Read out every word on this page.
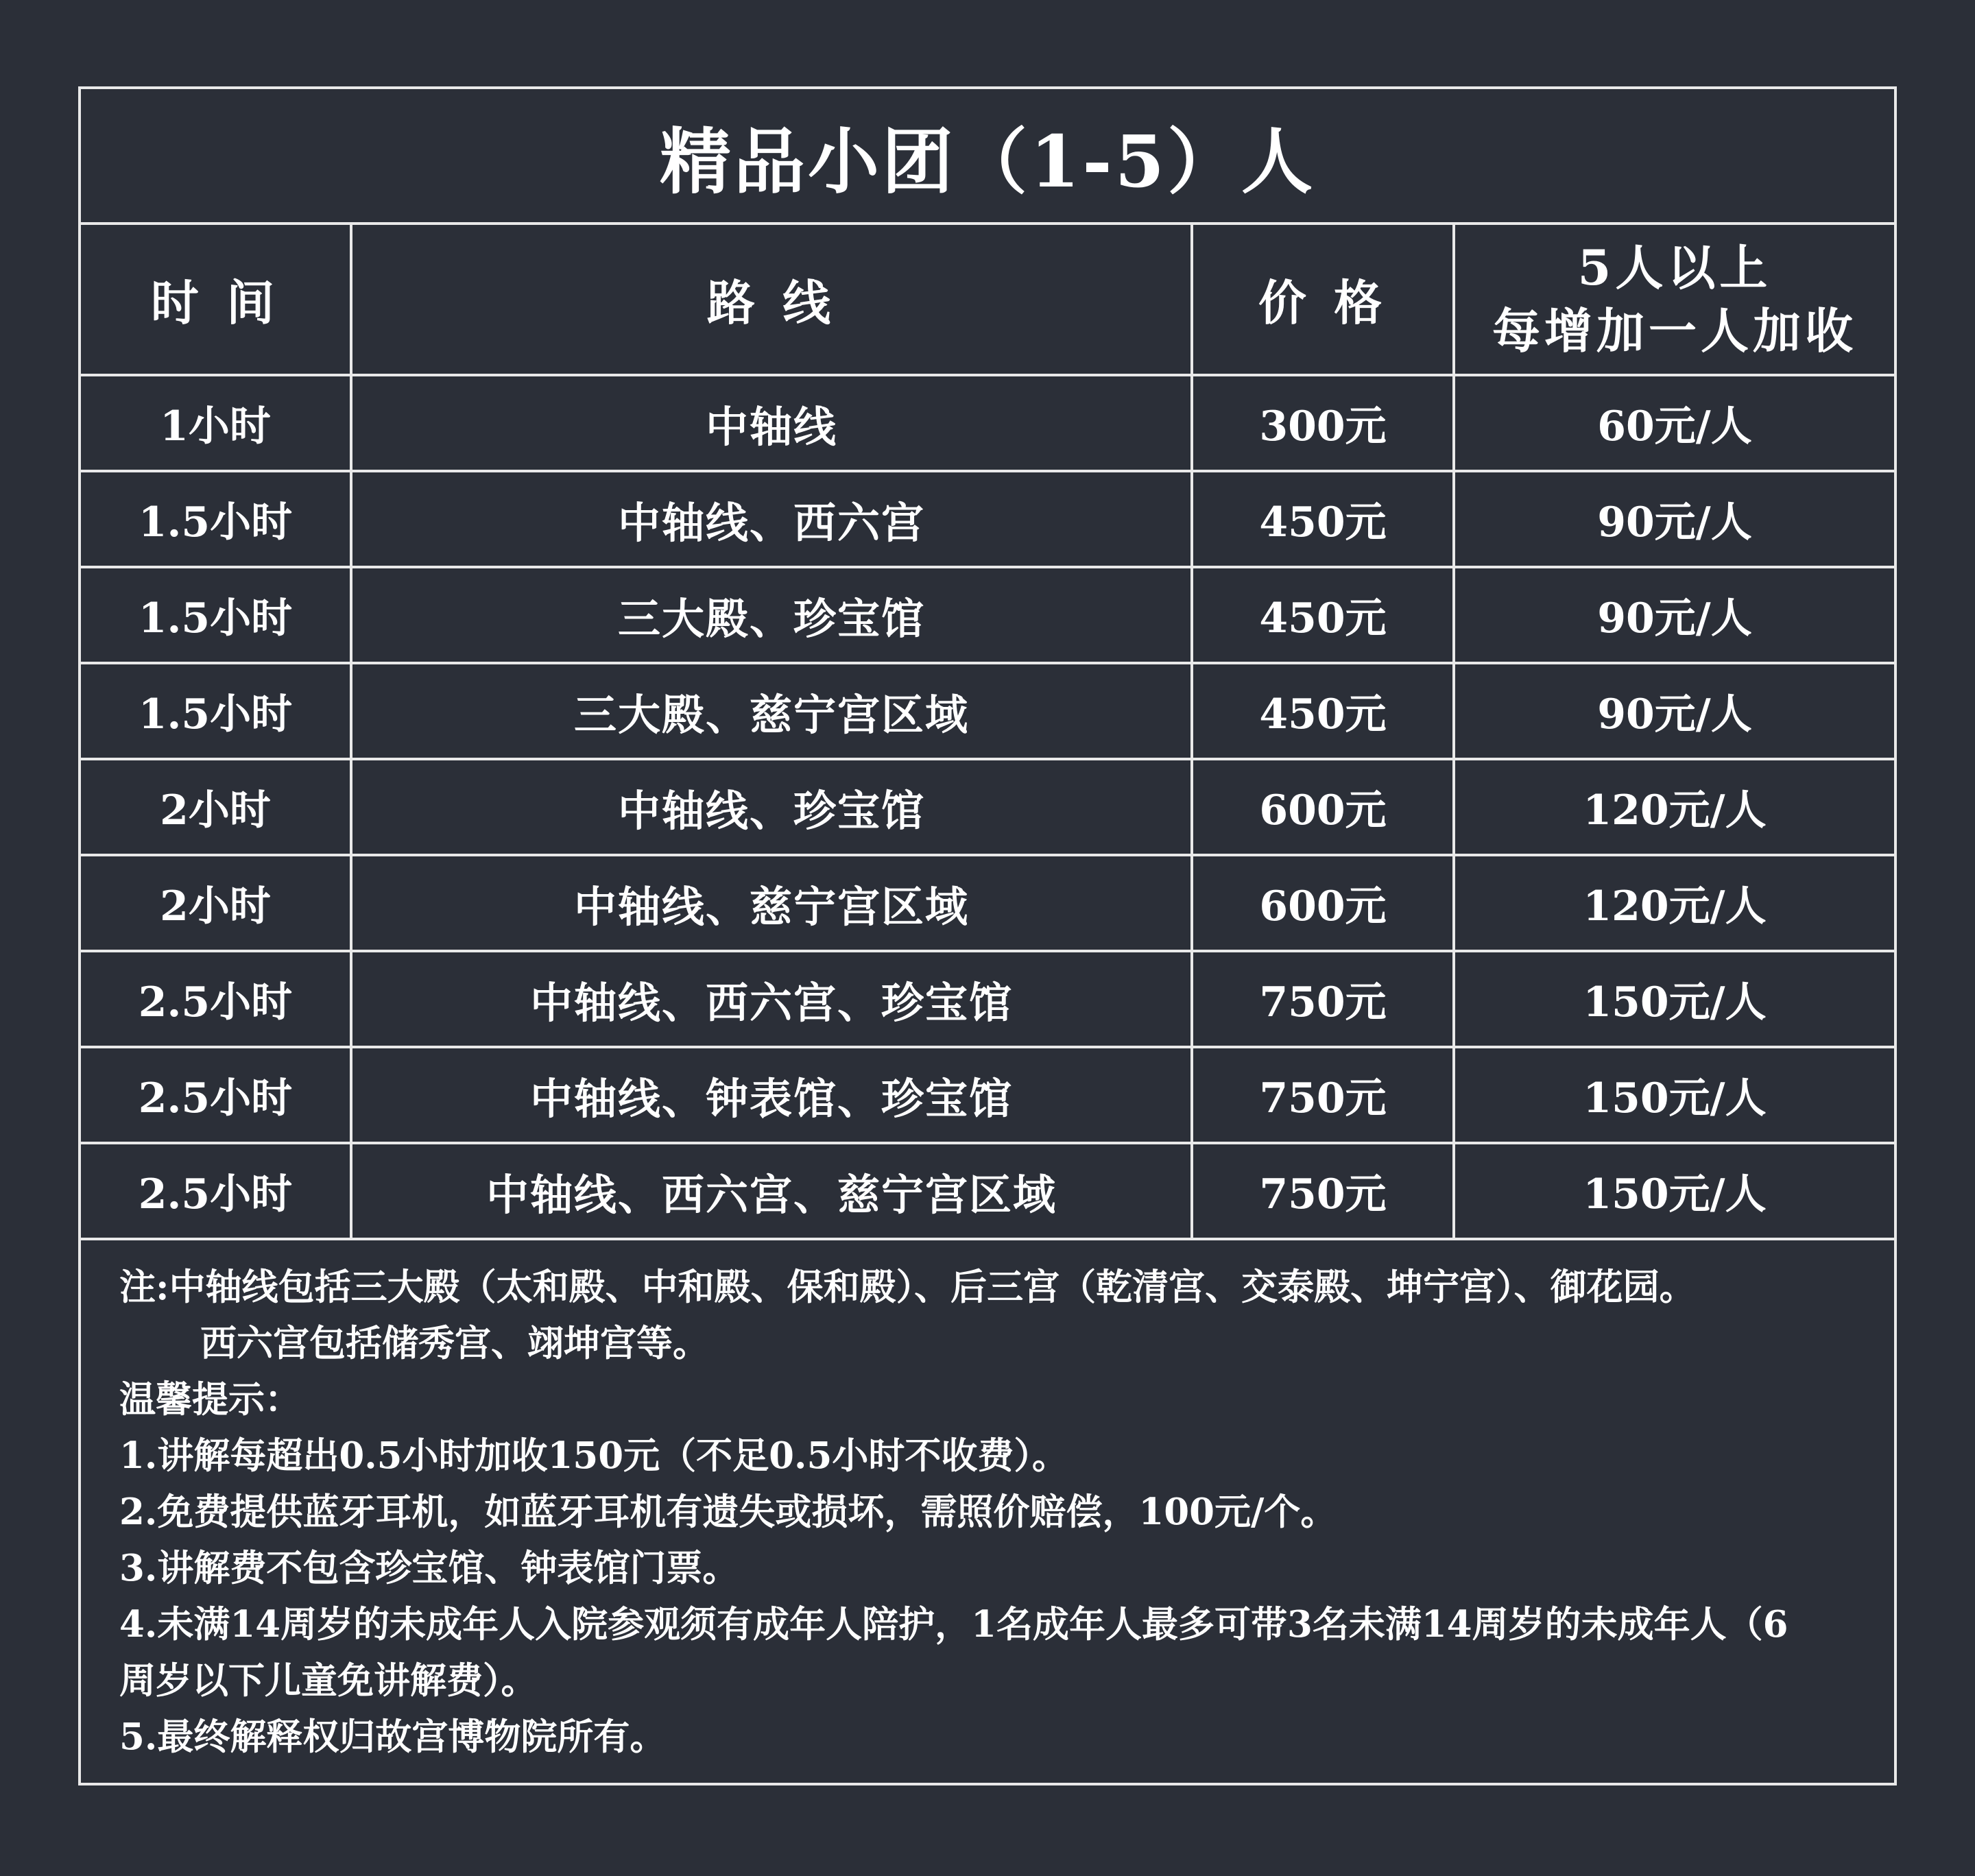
精品小团（1-5）人
时 间	路 线	价 格	5人以上
每增加一人加收

1小时	中轴线	300元	60元/人
1.5小时	中轴线、西六宫	450元	90元/人
1.5小时	三大殿、珍宝馆	450元	90元/人
1.5小时	三大殿、慈宁宫区域	450元	90元/人
2小时	中轴线、珍宝馆	600元	120元/人
2小时	中轴线、慈宁宫区域	600元	120元/人
2.5小时	中轴线、西六宫、珍宝馆	750元	150元/人
2.5小时	中轴线、钟表馆、珍宝馆	750元	150元/人
2.5小时	中轴线、西六宫、慈宁宫区域	750元	150元/人
注:中轴线包括三大殿（太和殿、中和殿、保和殿）、后三宫（乾清宫、交泰殿、坤宁宫）、御花园。
西六宫包括储秀宫、翊坤宫等。
温馨提示：
1.讲解每超出0.5小时加收150元（不足0.5小时不收费）。
2.免费提供蓝牙耳机，如蓝牙耳机有遗失或损坏，需照价赔偿，100元/个。
3.讲解费不包含珍宝馆、钟表馆门票。
4.未满14周岁的未成年人入院参观须有成年人陪护，1名成年人最多可带3名未满14周岁的未成年人（6
周岁以下儿童免讲解费）。
5.最终解释权归故宫博物院所有。
